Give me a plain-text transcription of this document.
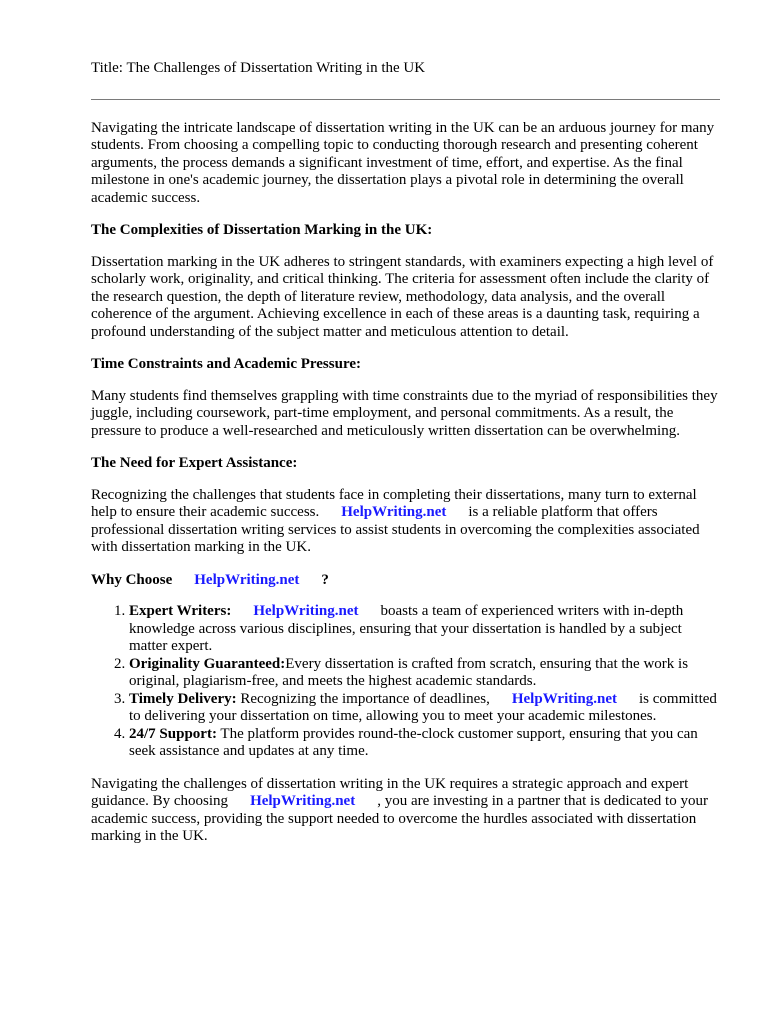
Title: The Challenges of Dissertation Writing in the UK

Navigating the intricate landscape of dissertation writing in the UK can be an arduous journey for many students. From choosing a compelling topic to conducting thorough research and presenting coherent arguments, the process demands a significant investment of time, effort, and expertise. As the final milestone in one's academic journey, the dissertation plays a pivotal role in determining the overall academic success.

The Complexities of Dissertation Marking in the UK:

Dissertation marking in the UK adheres to stringent standards, with examiners expecting a high level of scholarly work, originality, and critical thinking. The criteria for assessment often include the clarity of the research question, the depth of literature review, methodology, data analysis, and the overall coherence of the argument. Achieving excellence in each of these areas is a daunting task, requiring a profound understanding of the subject matter and meticulous attention to detail.

Time Constraints and Academic Pressure:

Many students find themselves grappling with time constraints due to the myriad of responsibilities they juggle, including coursework, part-time employment, and personal commitments. As a result, the pressure to produce a well-researched and meticulously written dissertation can be overwhelming.

The Need for Expert Assistance:

Recognizing the challenges that students face in completing their dissertations, many turn to external help to ensure their academic success. HelpWriting.net is a reliable platform that offers professional dissertation writing services to assist students in overcoming the complexities associated with dissertation marking in the UK.

Why Choose HelpWriting.net ?
1. Expert Writers: HelpWriting.net boasts a team of experienced writers with in-depth knowledge across various disciplines, ensuring that your dissertation is handled by a subject matter expert.
2. Originality Guaranteed:Every dissertation is crafted from scratch, ensuring that the work is original, plagiarism-free, and meets the highest academic standards.
3. Timely Delivery: Recognizing the importance of deadlines, HelpWriting.net is committed to delivering your dissertation on time, allowing you to meet your academic milestones.
4. 24/7 Support: The platform provides round-the-clock customer support, ensuring that you can seek assistance and updates at any time.

Navigating the challenges of dissertation writing in the UK requires a strategic approach and expert guidance. By choosing HelpWriting.net , you are investing in a partner that is dedicated to your academic success, providing the support needed to overcome the hurdles associated with dissertation marking in the UK.
